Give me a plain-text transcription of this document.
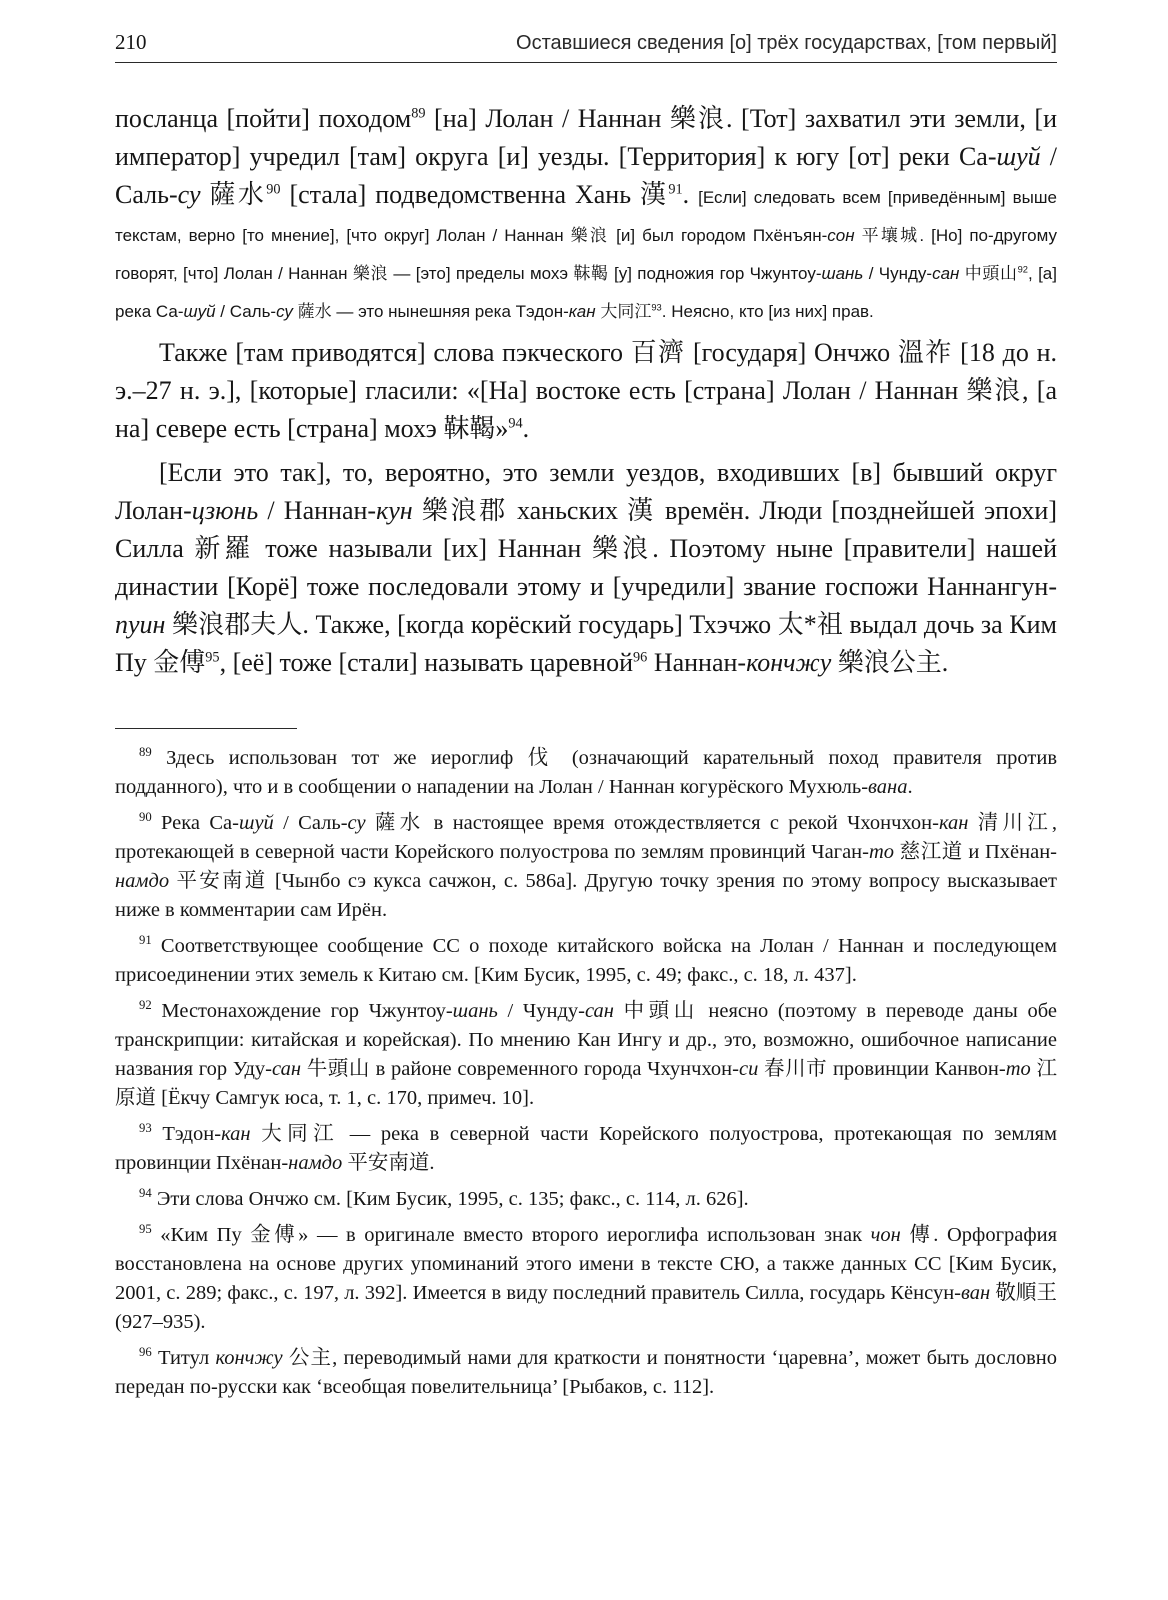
210	Оставшиеся сведения [о] трёх государствах, [том первый]

посланца [пойти] походом$^{89}$ [на] Лолан / Наннан 樂浪. [Тот] захватил эти земли, [и император] учредил [там] округа [и] уезды. [Территория] к югу [от] реки Са-шуй / Саль-су 薩水$^{90}$ [стала] подведомственна Хань 漢$^{91}$. [Если] следовать всем [приведённым] выше текстам, верно [то мнение], [что округ] Лолан / Наннан 樂浪 [и] был городом Пхёнъян-сон 平壤城. [Но] по-другому говорят, [что] Лолан / Наннан 樂浪 — [это] пределы мохэ 靺鞨 [у] подножия гор Чжунтоу-шань / Чунду-сан 中頭山$^{92}$, [а] река Са-шуй / Саль-су 薩水 — это нынешняя река Тэдон-кан 大同江$^{93}$. Неясно, кто [из них] прав.

Также [там приводятся] слова пэкческого 百濟 [государя] Ончжо 溫祚 [18 до н. э.–27 н. э.], [которые] гласили: «[На] востоке есть [страна] Лолан / Наннан 樂浪, [а на] севере есть [страна] мохэ 靺鞨»$^{94}$.

[Если это так], то, вероятно, это земли уездов, входивших [в] бывший округ Лолан-цзюнь / Наннан-кун 樂浪郡 ханьских 漢 времён. Люди [позднейшей эпохи] Силла 新羅 тоже называли [их] Наннан 樂浪. Поэтому ныне [правители] нашей династии [Корё] тоже последовали этому и [учредили] звание госпожи Наннангун-пуин 樂浪郡夫人. Также, [когда корёский государь] Тхэчжо 太*祖 выдал дочь за Ким Пу 金傅$^{95}$, [её] тоже [стали] называть царевной$^{96}$ Наннан-кончжу 樂浪公主.

$^{89}$ Здесь использован тот же иероглиф 伐 (означающий карательный поход правителя против подданного), что и в сообщении о нападении на Лолан / Наннан когурёского Мухюль-вана.

$^{90}$ Река Са-шуй / Саль-су 薩水 в настоящее время отождествляется с рекой Чхончхон-кан 清川江, протекающей в северной части Корейского полуострова по землям провинций Чаган-то 慈江道 и Пхёнан-намдо 平安南道 [Чынбо сэ кукса сачжон, с. 586а]. Другую точку зрения по этому вопросу высказывает ниже в комментарии сам Ирён.

$^{91}$ Соответствующее сообщение СС о походе китайского войска на Лолан / Наннан и последующем присоединении этих земель к Китаю см. [Ким Бусик, 1995, с. 49; факс., с. 18, л. 437].

$^{92}$ Местонахождение гор Чжунтоу-шань / Чунду-сан 中頭山 неясно (поэтому в переводе даны обе транскрипции: китайская и корейская). По мнению Кан Ингу и др., это, возможно, ошибочное написание названия гор Уду-сан 牛頭山 в районе современного города Чхунчхон-си 春川市 провинции Канвон-то 江原道 [Ёкчу Самгук юса, т. 1, с. 170, примеч. 10].

$^{93}$ Тэдон-кан 大同江 — река в северной части Корейского полуострова, протекающая по землям провинции Пхёнан-намдо 平安南道.

$^{94}$ Эти слова Ончжо см. [Ким Бусик, 1995, с. 135; факс., с. 114, л. 626].

$^{95}$ «Ким Пу 金傅» — в оригинале вместо второго иероглифа использован знак чон 傳. Орфография восстановлена на основе других упоминаний этого имени в тексте СЮ, а также данных СС [Ким Бусик, 2001, с. 289; факс., с. 197, л. 392]. Имеется в виду последний правитель Силла, государь Кёнсун-ван 敬順王 (927–935).

$^{96}$ Титул кончжу 公主, переводимый нами для краткости и понятности ‘царевна’, может быть дословно передан по-русски как ‘всеобщая повелительница’ [Рыбаков, с. 112].
